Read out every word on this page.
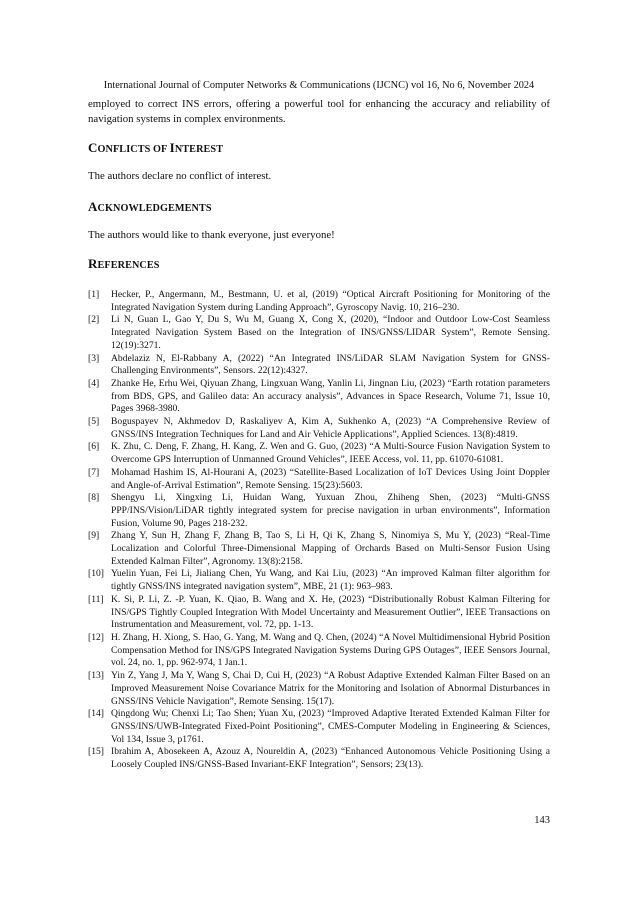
International Journal of Computer Networks & Communications (IJCNC) vol 16, No 6, November 2024

employed to correct INS errors, offering a powerful tool for enhancing the accuracy and reliability of navigation systems in complex environments.

CONFLICTS OF INTEREST

The authors declare no conflict of interest.

ACKNOWLEDGEMENTS

The authors would like to thank everyone, just everyone!

REFERENCES
[1]	Hecker, P., Angermann, M., Bestmann, U. et al, (2019) “Optical Aircraft Positioning for Monitoring of the Integrated Navigation System during Landing Approach”, Gyroscopy Navig. 10, 216–230.
[2]	Li N, Guan L, Gao Y, Du S, Wu M, Guang X, Cong X, (2020), “Indoor and Outdoor Low-Cost Seamless Integrated Navigation System Based on the Integration of INS/GNSS/LIDAR System”, Remote Sensing. 12(19):3271.
[3]	Abdelaziz N, El-Rabbany A, (2022) “An Integrated INS/LiDAR SLAM Navigation System for GNSS-Challenging Environments”, Sensors. 22(12):4327.
[4]	Zhanke He, Erhu Wei, Qiyuan Zhang, Lingxuan Wang, Yanlin Li, Jingnan Liu, (2023) “Earth rotation parameters from BDS, GPS, and Galileo data: An accuracy analysis”, Advances in Space Research, Volume 71, Issue 10, Pages 3968-3980.
[5]	Boguspayev N, Akhmedov D, Raskaliyev A, Kim A, Sukhenko A, (2023) “A Comprehensive Review of GNSS/INS Integration Techniques for Land and Air Vehicle Applications”, Applied Sciences. 13(8):4819.
[6]	K. Zhu, C. Deng, F. Zhang, H. Kang, Z. Wen and G. Guo, (2023) “A Multi-Source Fusion Navigation System to Overcome GPS Interruption of Unmanned Ground Vehicles”, IEEE Access, vol. 11, pp. 61070-61081.
[7]	Mohamad Hashim IS, Al-Hourani A, (2023) “Satellite-Based Localization of IoT Devices Using Joint Doppler and Angle-of-Arrival Estimation”, Remote Sensing. 15(23):5603.
[8]	Shengyu Li, Xingxing Li, Huidan Wang, Yuxuan Zhou, Zhiheng Shen, (2023) “Multi-GNSS PPP/INS/Vision/LiDAR tightly integrated system for precise navigation in urban environments”, Information Fusion, Volume 90, Pages 218-232.
[9]	Zhang Y, Sun H, Zhang F, Zhang B, Tao S, Li H, Qi K, Zhang S, Ninomiya S, Mu Y, (2023) “Real-Time Localization and Colorful Three-Dimensional Mapping of Orchards Based on Multi-Sensor Fusion Using Extended Kalman Filter”, Agronomy. 13(8):2158.
[10] Yuelin Yuan, Fei Li, Jialiang Chen, Yu Wang, and Kai Liu, (2023) “An improved Kalman filter algorithm for tightly GNSS/INS integrated navigation system”, MBE, 21 (1): 963–983.
[11] K. Si, P. Li, Z. -P. Yuan, K. Qiao, B. Wang and X. He, (2023) “Distributionally Robust Kalman Filtering for INS/GPS Tightly Coupled Integration With Model Uncertainty and Measurement Outlier”, IEEE Transactions on Instrumentation and Measurement, vol. 72, pp. 1-13.
[12] H. Zhang, H. Xiong, S. Hao, G. Yang, M. Wang and Q. Chen, (2024) “A Novel Multidimensional Hybrid Position Compensation Method for INS/GPS Integrated Navigation Systems During GPS Outages”, IEEE Sensors Journal, vol. 24, no. 1, pp. 962-974, 1 Jan.1.
[13] Yin Z, Yang J, Ma Y, Wang S, Chai D, Cui H, (2023) “A Robust Adaptive Extended Kalman Filter Based on an Improved Measurement Noise Covariance Matrix for the Monitoring and Isolation of Abnormal Disturbances in GNSS/INS Vehicle Navigation”, Remote Sensing. 15(17).
[14] Qingdong Wu; Chenxi Li; Tao Shen; Yuan Xu, (2023) “Improved Adaptive Iterated Extended Kalman Filter for GNSS/INS/UWB-Integrated Fixed-Point Positioning”, CMES-Computer Modeling in Engineering & Sciences, Vol 134, Issue 3, p1761.
[15] Ibrahim A, Abosekeen A, Azouz A, Noureldin A, (2023) “Enhanced Autonomous Vehicle Positioning Using a Loosely Coupled INS/GNSS-Based Invariant-EKF Integration”, Sensors; 23(13).
143
